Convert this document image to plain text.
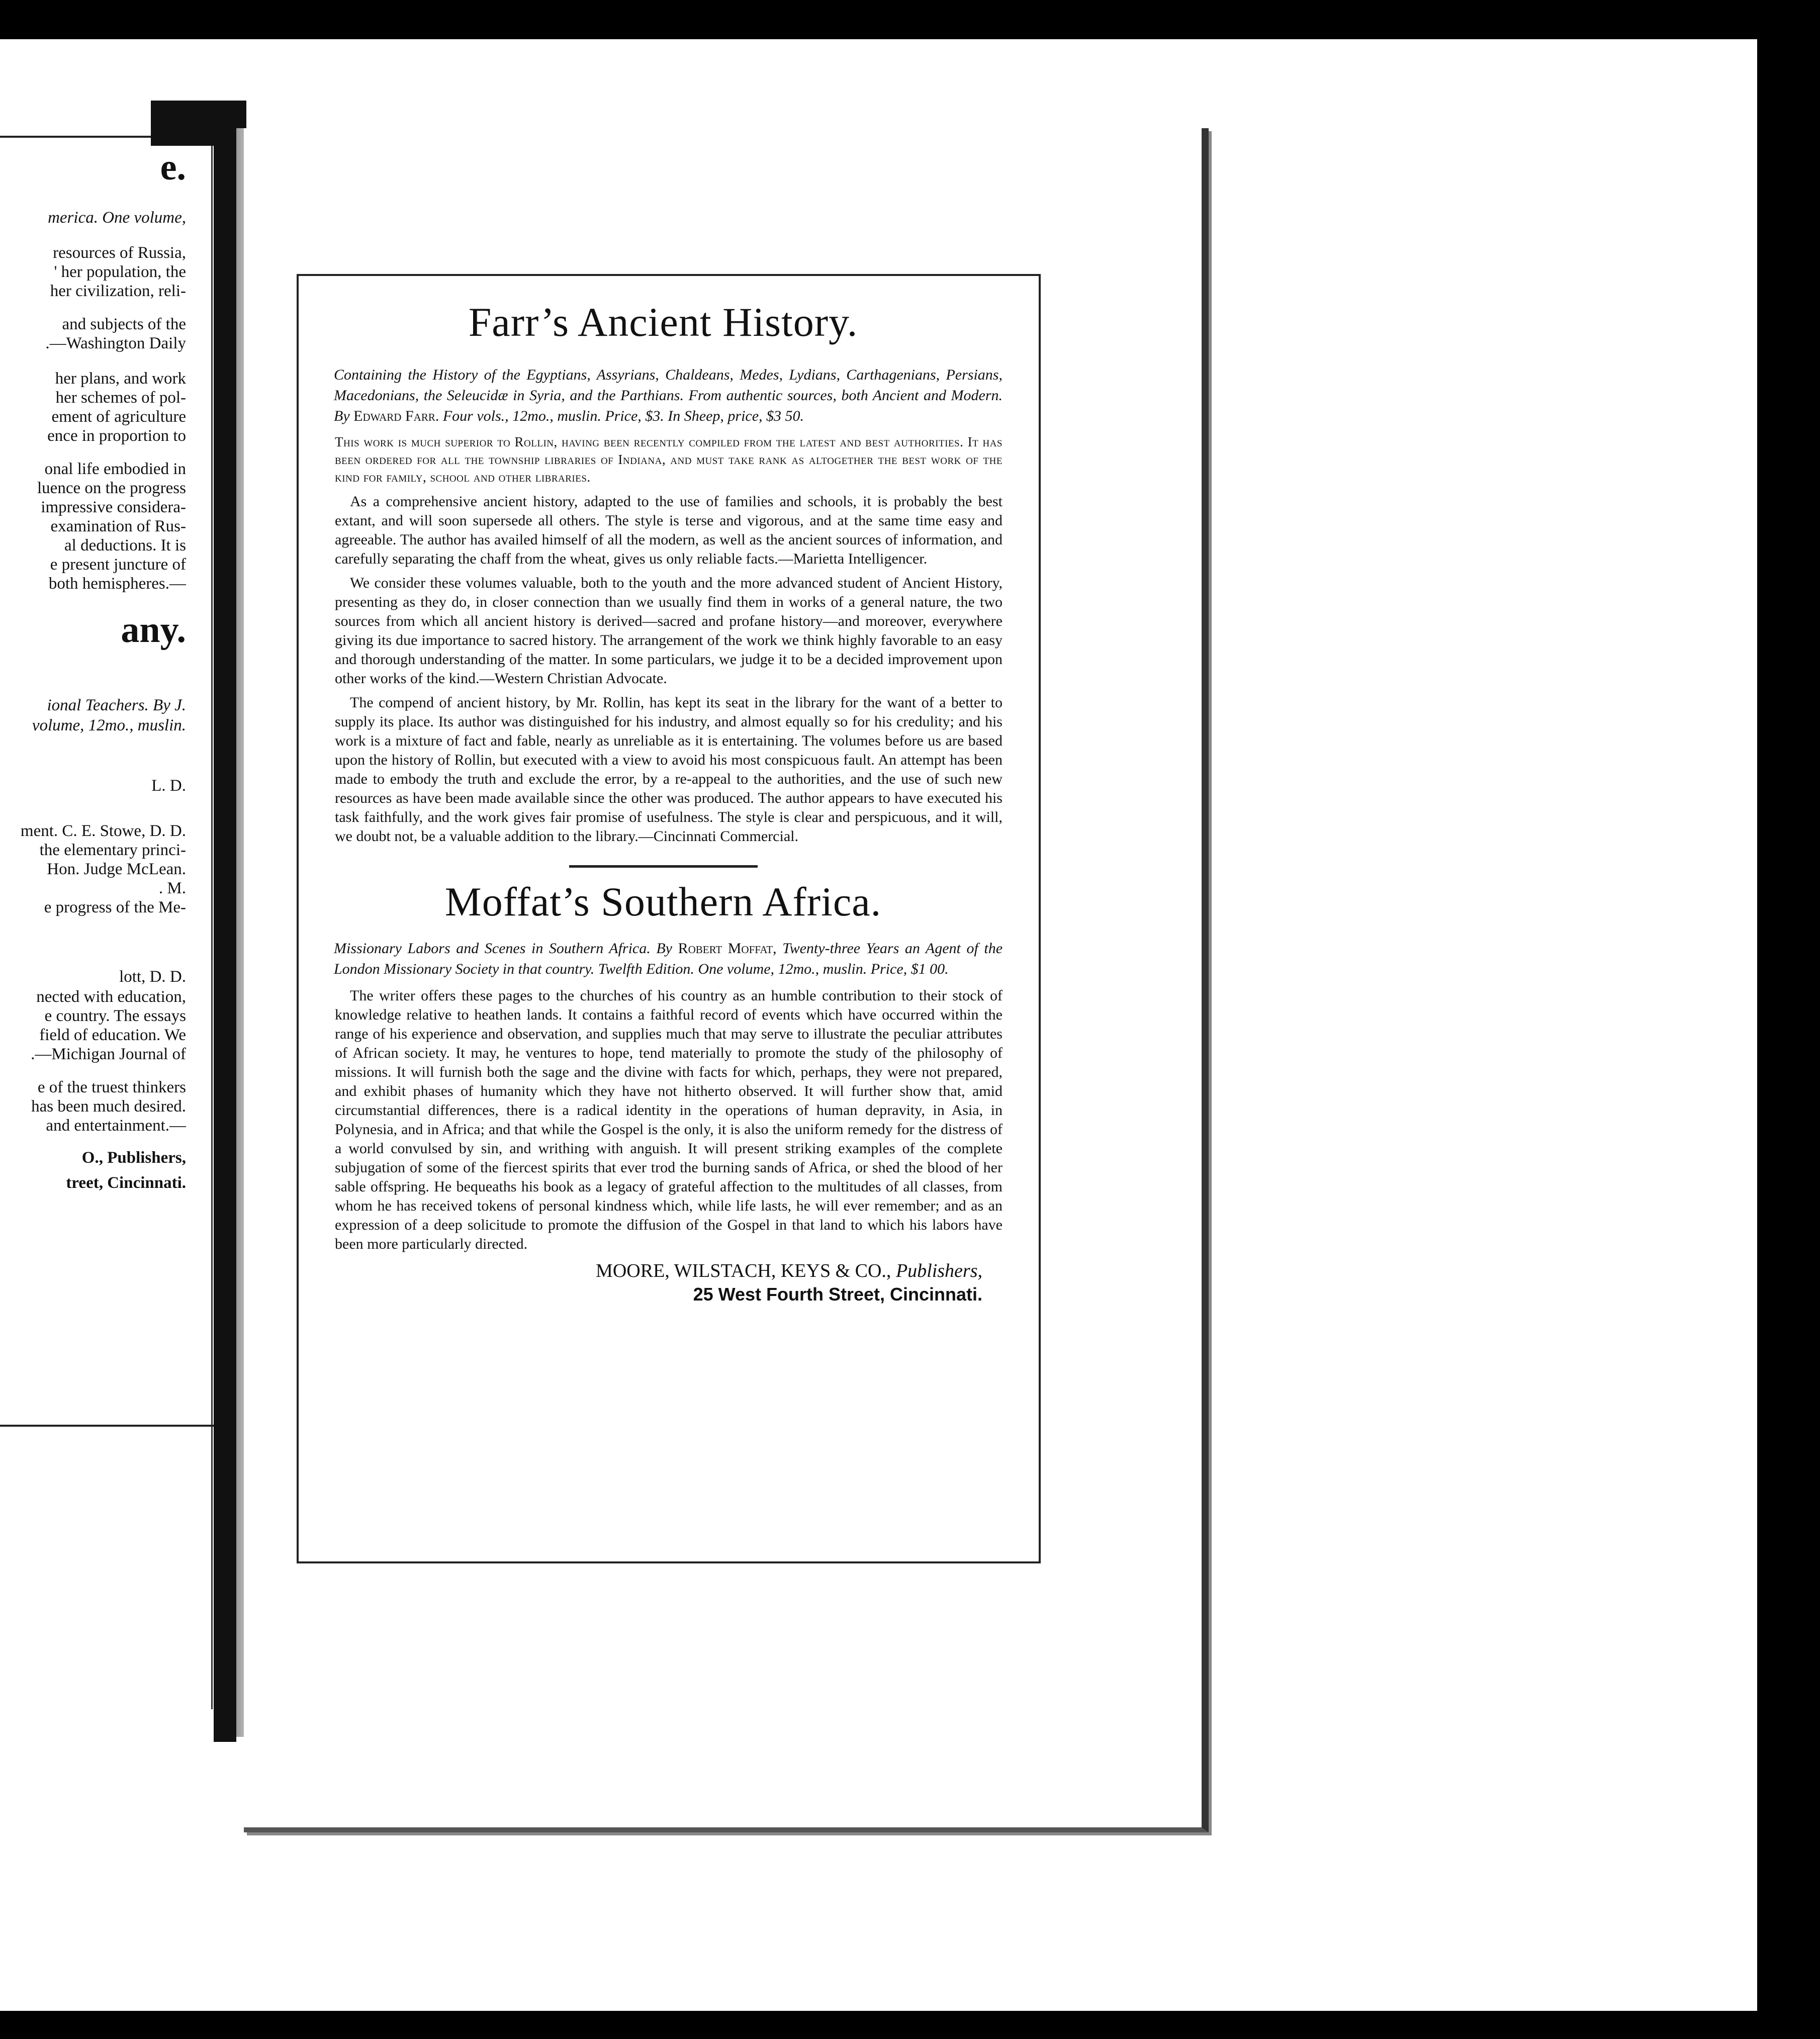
e.
merica. One volume,
resources of Russia,
' her population, the
her civilization, reli-
and subjects of the
.—Washington Daily
her plans, and work
her schemes of pol-
ement of agriculture
ence in proportion to
onal life embodied in
luence on the progress
impressive considera-
examination of Rus-
al deductions. It is
e present juncture of
both hemispheres.—
any.
ional Teachers. By J.
volume, 12mo., muslin.
L. D.
ment. C. E. Stowe, D. D.
the elementary princi-
Hon. Judge McLean.
. M.
e progress of the Me-
lott, D. D.
nected with education,
e country. The essays
field of education. We
.—Michigan Journal of
e of the truest thinkers
has been much desired.
and entertainment.—
O., Publishers,
treet, Cincinnati.
Farr’s Ancient History.

Containing the History of the Egyptians, Assyrians, Chaldeans, Medes, Lydians, Carthagenians, Persians, Macedonians, the Seleucidæ in Syria, and the Parthians. From authentic sources, both Ancient and Modern. By Edward Farr. Four vols., 12mo., muslin. Price, $3. In Sheep, price, $3 50.

This work is much superior to Rollin, having been recently compiled from the latest and best authorities. It has been ordered for all the township libraries of Indiana, and must take rank as altogether the best work of the kind for family, school and other libraries.

As a comprehensive ancient history, adapted to the use of families and schools, it is probably the best extant, and will soon supersede all others. The style is terse and vigorous, and at the same time easy and agreeable. The author has availed himself of all the modern, as well as the ancient sources of information, and carefully separating the chaff from the wheat, gives us only reliable facts.—Marietta Intelligencer.

We consider these volumes valuable, both to the youth and the more advanced student of Ancient History, presenting as they do, in closer connection than we usually find them in works of a general nature, the two sources from which all ancient history is derived—sacred and profane history—and moreover, everywhere giving its due importance to sacred history. The arrangement of the work we think highly favorable to an easy and thorough understanding of the matter. In some particulars, we judge it to be a decided improvement upon other works of the kind.—Western Christian Advocate.

The compend of ancient history, by Mr. Rollin, has kept its seat in the library for the want of a better to supply its place. Its author was distinguished for his industry, and almost equally so for his credulity; and his work is a mixture of fact and fable, nearly as unreliable as it is entertaining. The volumes before us are based upon the history of Rollin, but executed with a view to avoid his most conspicuous fault. An attempt has been made to embody the truth and exclude the error, by a re-appeal to the authorities, and the use of such new resources as have been made available since the other was produced. The author appears to have executed his task faithfully, and the work gives fair promise of usefulness. The style is clear and perspicuous, and it will, we doubt not, be a valuable addition to the library.—Cincinnati Commercial.

Moffat’s Southern Africa.

Missionary Labors and Scenes in Southern Africa. By Robert Moffat, Twenty-three Years an Agent of the London Missionary Society in that country. Twelfth Edition. One volume, 12mo., muslin. Price, $1 00.

The writer offers these pages to the churches of his country as an humble contribution to their stock of knowledge relative to heathen lands. It contains a faithful record of events which have occurred within the range of his experience and observation, and supplies much that may serve to illustrate the peculiar attributes of African society. It may, he ventures to hope, tend materially to promote the study of the philosophy of missions. It will furnish both the sage and the divine with facts for which, perhaps, they were not prepared, and exhibit phases of humanity which they have not hitherto observed. It will further show that, amid circumstantial differences, there is a radical identity in the operations of human depravity, in Asia, in Polynesia, and in Africa; and that while the Gospel is the only, it is also the uniform remedy for the distress of a world convulsed by sin, and writhing with anguish. It will present striking examples of the complete subjugation of some of the fiercest spirits that ever trod the burning sands of Africa, or shed the blood of her sable offspring. He bequeaths his book as a legacy of grateful affection to the multitudes of all classes, from whom he has received tokens of personal kindness which, while life lasts, he will ever remember; and as an expression of a deep solicitude to promote the diffusion of the Gospel in that land to which his labors have been more particularly directed.

MOORE, WILSTACH, KEYS & CO., Publishers,

25 West Fourth Street, Cincinnati.
